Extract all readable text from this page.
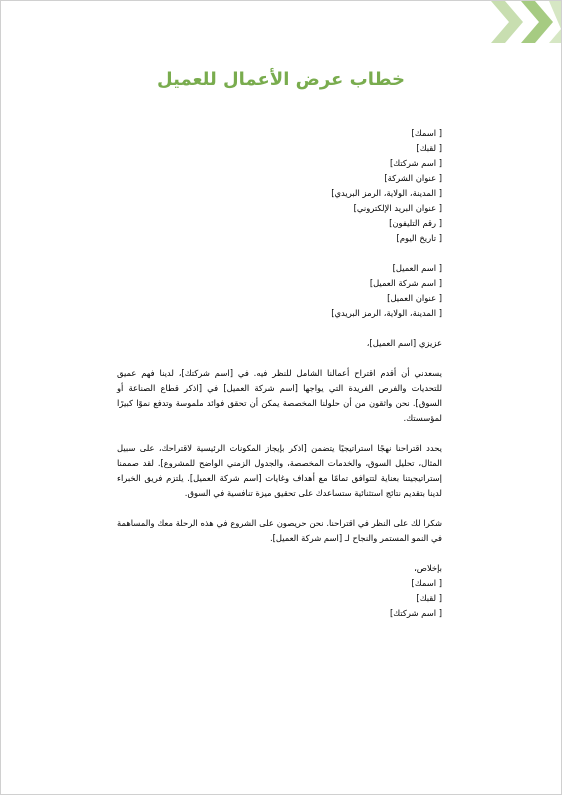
خطاب عرض الأعمال للعميل
[ اسمك]
[ لقبك]
[ اسم شركتك]
[ عنوان الشركة]
[ المدينة، الولاية، الرمز البريدي]
[ عنوان البريد الإلكتروني]
[ رقم التليفون]
[ تاريخ اليوم]
[ اسم العميل]
[ اسم شركة العميل]
[ عنوان العميل]
[ المدينة، الولاية، الرمز البريدي]
عزيزي [اسم العميل]،
يسعدني أن أقدم اقتراح أعمالنا الشامل للنظر فيه. في [اسم شركتك]، لدينا فهم عميق للتحديات والفرص الفريدة التي يواجها [اسم شركة العميل] في [اذكر قطاع الصناعة أو السوق]. نحن واثقون من أن حلولنا المخصصة يمكن أن تحقق فوائد ملموسة وتدفع نموًا كبيرًا لمؤسستك.
يحدد اقتراحنا نهجًا استراتيجيًا يتضمن [اذكر بإيجاز المكونات الرئيسية لاقتراحك، على سبيل المثال، تحليل السوق، والخدمات المخصصة، والجدول الزمني الواضح للمشروع]. لقد صممنا إستراتيجيتنا بعناية لتتوافق تمامًا مع أهداف وغايات [اسم شركة العميل]. يلتزم فريق الخبراء لدينا بتقديم نتائج استثنائية ستساعدك على تحقيق ميزة تنافسية في السوق.
شكرا لك على النظر في اقتراحنا. نحن حريصون على الشروع في هذه الرحلة معك والمساهمة في النمو المستمر والنجاح لـ [اسم شركة العميل].
بإخلاص،
[ اسمك]
[ لقبك]
[ اسم شركتك]
